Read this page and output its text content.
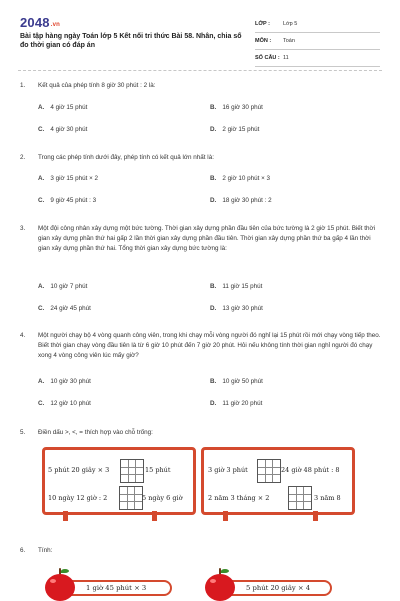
2048.vn
Bài tập hàng ngày Toán lớp 5 Kết nối tri thức Bài 58. Nhân, chia số đo thời gian có đáp án
LỚP :	Lớp 5
MÔN :	Toán
SỐ CÂU : 11
1.	Kết quả của phép tính 8 giờ 30 phút : 2 là:
A. 4 giờ 15 phút	B. 16 giờ 30 phút
C. 4 giờ 30 phút	D. 2 giờ 15 phút
2.	Trong các phép tính dưới đây, phép tính có kết quả lớn nhất là:
A. 3 giờ 15 phút × 2	B. 2 giờ 10 phút × 3
C. 9 giờ 45 phút : 3	D. 18 giờ 30 phút : 2
3.	Một đội công nhân xây dựng một bức tường. Thời gian xây dựng phần đầu tiên của bức tường là 2 giờ 15 phút. Biết thời gian xây dựng phần thứ hai gấp 2 lần thời gian xây dựng phần đầu tiên. Thời gian xây dựng phần thứ ba gấp 4 lần thời gian xây dựng phần thứ hai. Tổng thời gian xây dựng bức tường là:
A. 10 giờ 7 phút	B. 11 giờ 15 phút
C. 24 giờ 45 phút	D. 13 giờ 30 phút
4.	Một người chạy bộ 4 vòng quanh công viên, trong khi chạy mỗi vòng người đó nghỉ lại 15 phút rồi mới chạy vòng tiếp theo. Biết thời gian chạy vòng đầu tiên là từ 6 giờ 10 phút đến 7 giờ 20 phút. Hỏi nếu không tính thời gian nghỉ người đó chạy xong 4 vòng công viên lúc mấy giờ?
A. 10 giờ 30 phút	B. 10 giờ 50 phút
C. 12 giờ 10 phút	D. 11 giờ 20 phút
5.	Điền dấu >, <, = thích hợp vào chỗ trống:
5 phút 20 giây × 3	15 phút
10 ngày 12 giờ : 2	5 ngày 6 giờ
3 giờ 3 phút	24 giờ 48 phút : 8
2 năm 3 tháng × 2	3 năm 8
6.	Tính:
1 giờ 45 phút × 3	5 phút 20 giây × 4
